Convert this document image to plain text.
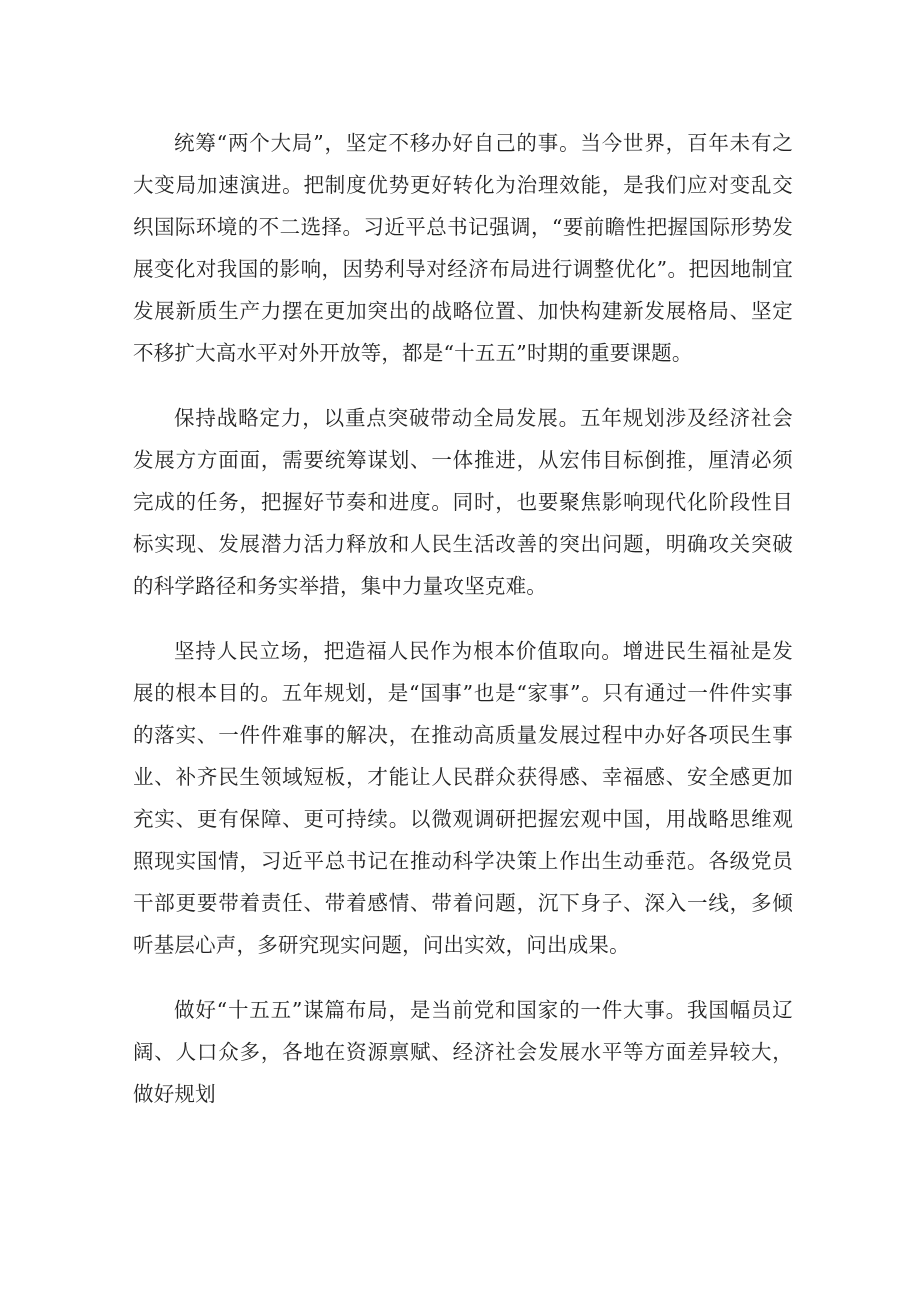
统筹“两个大局”，坚定不移办好自己的事。当今世界，百年未有之大变局加速演进。把制度优势更好转化为治理效能，是我们应对变乱交织国际环境的不二选择。习近平总书记强调，“要前瞻性把握国际形势发展变化对我国的影响，因势利导对经济布局进行调整优化”。把因地制宜发展新质生产力摆在更加突出的战略位置、加快构建新发展格局、坚定不移扩大高水平对外开放等，都是“十五五”时期的重要课题。

保持战略定力，以重点突破带动全局发展。五年规划涉及经济社会发展方方面面，需要统筹谋划、一体推进，从宏伟目标倒推，厘清必须完成的任务，把握好节奏和进度。同时，也要聚焦影响现代化阶段性目标实现、发展潜力活力释放和人民生活改善的突出问题，明确攻关突破的科学路径和务实举措，集中力量攻坚克难。

坚持人民立场，把造福人民作为根本价值取向。增进民生福祉是发展的根本目的。五年规划，是“国事”也是“家事”。只有通过一件件实事的落实、一件件难事的解决，在推动高质量发展过程中办好各项民生事业、补齐民生领域短板，才能让人民群众获得感、幸福感、安全感更加充实、更有保障、更可持续。以微观调研把握宏观中国，用战略思维观照现实国情，习近平总书记在推动科学决策上作出生动垂范。各级党员干部更要带着责任、带着感情、带着问题，沉下身子、深入一线，多倾听基层心声，多研究现实问题，问出实效，问出成果。

做好“十五五”谋篇布局，是当前党和国家的一件大事。我国幅员辽阔、人口众多，各地在资源禀赋、经济社会发展水平等方面差异较大，做好规划
